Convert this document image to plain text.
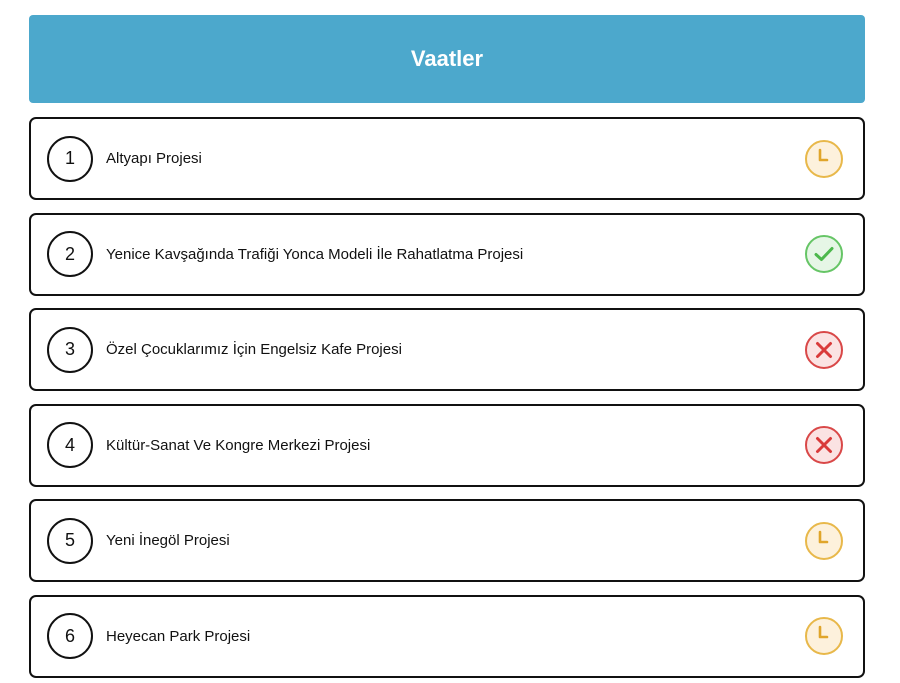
Vaatler
1	Altyapı Projesi
2	Yenice Kavşağında Trafiği Yonca Modeli İle Rahatlatma Projesi
3	Özel Çocuklarımız İçin Engelsiz Kafe Projesi
4	Kültür-Sanat Ve Kongre Merkezi Projesi
5	Yeni İnegöl Projesi
6	Heyecan Park Projesi
